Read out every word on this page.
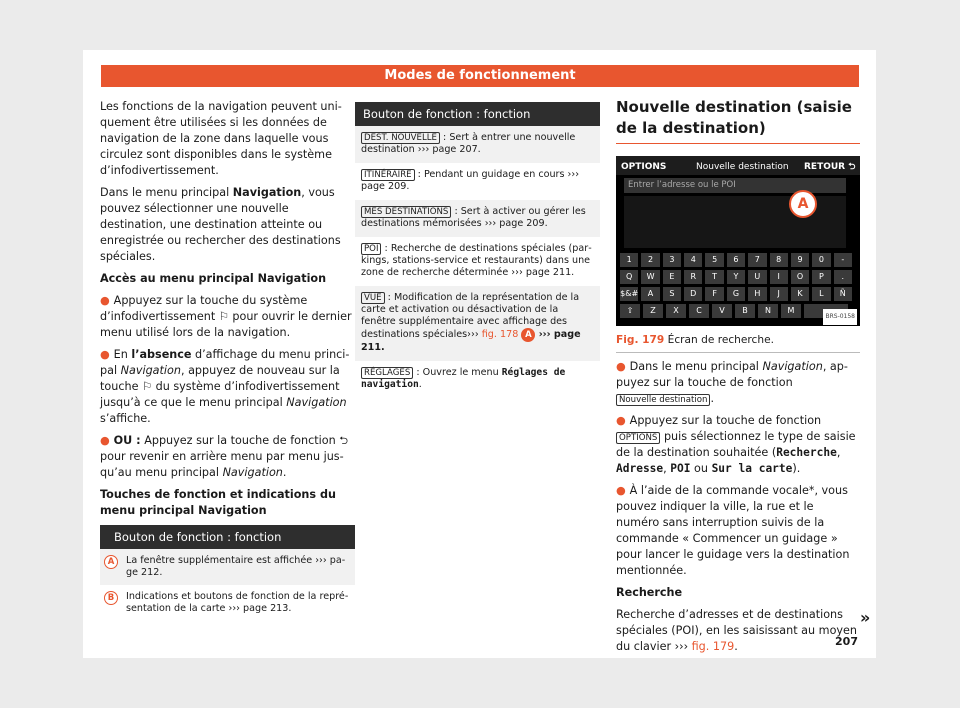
Modes de fonctionnement

Les fonctions de la navigation peuvent uniquement être utilisées si les données de navigation de la zone dans laquelle vous circulez sont disponibles dans le système d’infodivertissement.

Dans le menu principal Navigation, vous pouvez sélectionner une nouvelle destination, une destination atteinte ou enregistrée ou rechercher des destinations spéciales.

Accès au menu principal Navigation

● Appuyez sur la touche du système d’infodivertissement ⚐ pour ouvrir le dernier menu utilisé lors de la navigation.

● En l’absence d’affichage du menu principal Navigation, appuyez de nouveau sur la touche ⚐ du système d’infodivertissement jusqu’à ce que le menu principal Navigation s’affiche.

● OU : Appuyez sur la touche de fonction ⮌ pour revenir en arrière menu par menu jusqu’au menu principal Navigation.

Touches de fonction et indications du menu principal Navigation

Bouton de fonction : fonction
A	La fenêtre supplémentaire est affichée ››› page 212.
B	Indications et boutons de fonction de la représentation de la carte ››› page 213.
Bouton de fonction : fonction
DEST. NOUVELLE : Sert à entrer une nouvelle destination ››› page 207.
ITINÉRAIRE : Pendant un guidage en cours ››› page 209.
MES DESTINATIONS : Sert à activer ou gérer les destinations mémorisées ››› page 209.
POI : Recherche de destinations spéciales (parkings, stations-service et restaurants) dans une zone de recherche déterminée ››› page 211.
VUE : Modification de la représentation de la carte et activation ou désactivation de la fenêtre supplémentaire avec affichage des destinations spéciales››› fig. 178 A ››› page 211.
RÉGLAGES : Ouvrez le menu Réglages de navigation.
Nouvelle destination (saisie de la destination)
OPTIONS	Nouvelle destination RETOUR ⮌
Entrer l’adresse ou le POI
1	2	3	4	5	6	7	8	9	0	-
Q	W	E	R	T	Y	U	I	O	P	.
$&#	A	S	D	F	G	H	J	K	L	Ñ
⇧	Z	X	C	V	B	N	M
A
BRS-0158
Fig. 179 Écran de recherche.

● Dans le menu principal Navigation, appuyez sur la touche de fonction Nouvelle destination .

● Appuyez sur la touche de fonction OPTIONS puis sélectionnez le type de saisie de la destination souhaitée (Recherche, Adresse, POI ou Sur la carte).

● À l’aide de la commande vocale*, vous pouvez indiquer la ville, la rue et le numéro sans interruption suivis de la commande « Commencer un guidage » pour lancer le guidage vers la destination mentionnée.

Recherche

Recherche d’adresses et de destinations spéciales (POI), en les saisissant au moyen du clavier ››› fig. 179.

»
207
